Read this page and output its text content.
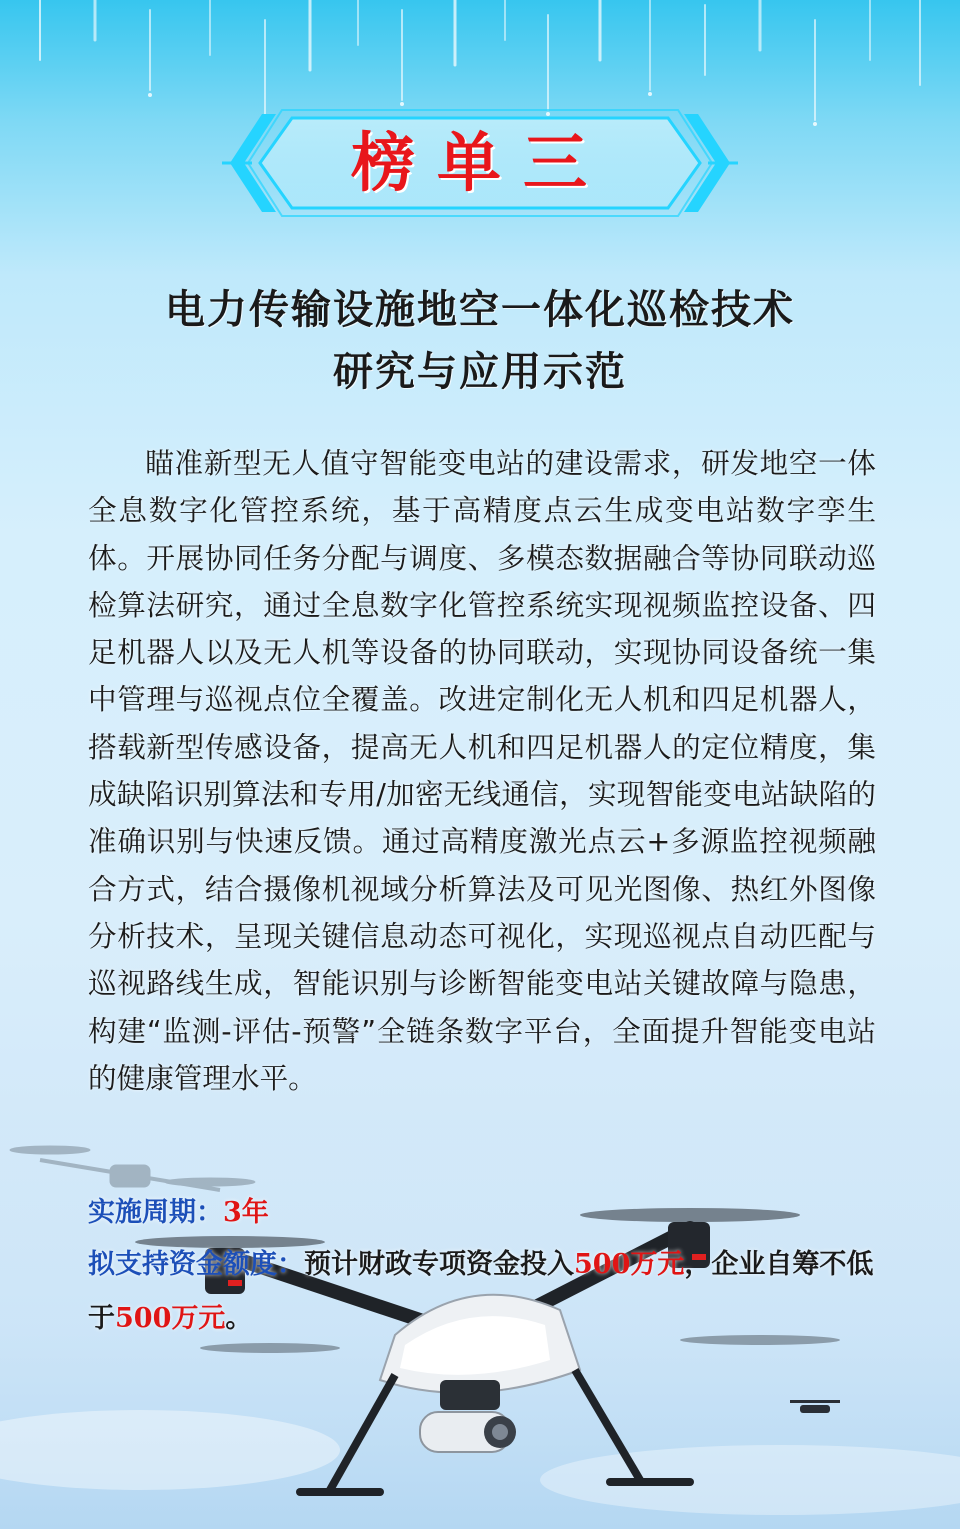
榜单三
电力传输设施地空一体化巡检技术
研究与应用示范

瞄准新型无人值守智能变电站的建设需求，研发地空一体全息数字化管控系统，基于高精度点云生成变电站数字孪生体。开展协同任务分配与调度、多模态数据融合等协同联动巡检算法研究，通过全息数字化管控系统实现视频监控设备、四足机器人以及无人机等设备的协同联动，实现协同设备统一集中管理与巡视点位全覆盖。改进定制化无人机和四足机器人，搭载新型传感设备，提高无人机和四足机器人的定位精度，集成缺陷识别算法和专用/加密无线通信，实现智能变电站缺陷的准确识别与快速反馈。通过高精度激光点云+多源监控视频融合方式，结合摄像机视域分析算法及可见光图像、热红外图像分析技术，呈现关键信息动态可视化，实现巡视点自动匹配与巡视路线生成，智能识别与诊断智能变电站关键故障与隐患，构建“监测-评估-预警”全链条数字平台，全面提升智能变电站的健康管理水平。

实施周期：3年
拟支持资金额度：预计财政专项资金投入500万元，企业自筹不低于500万元。
